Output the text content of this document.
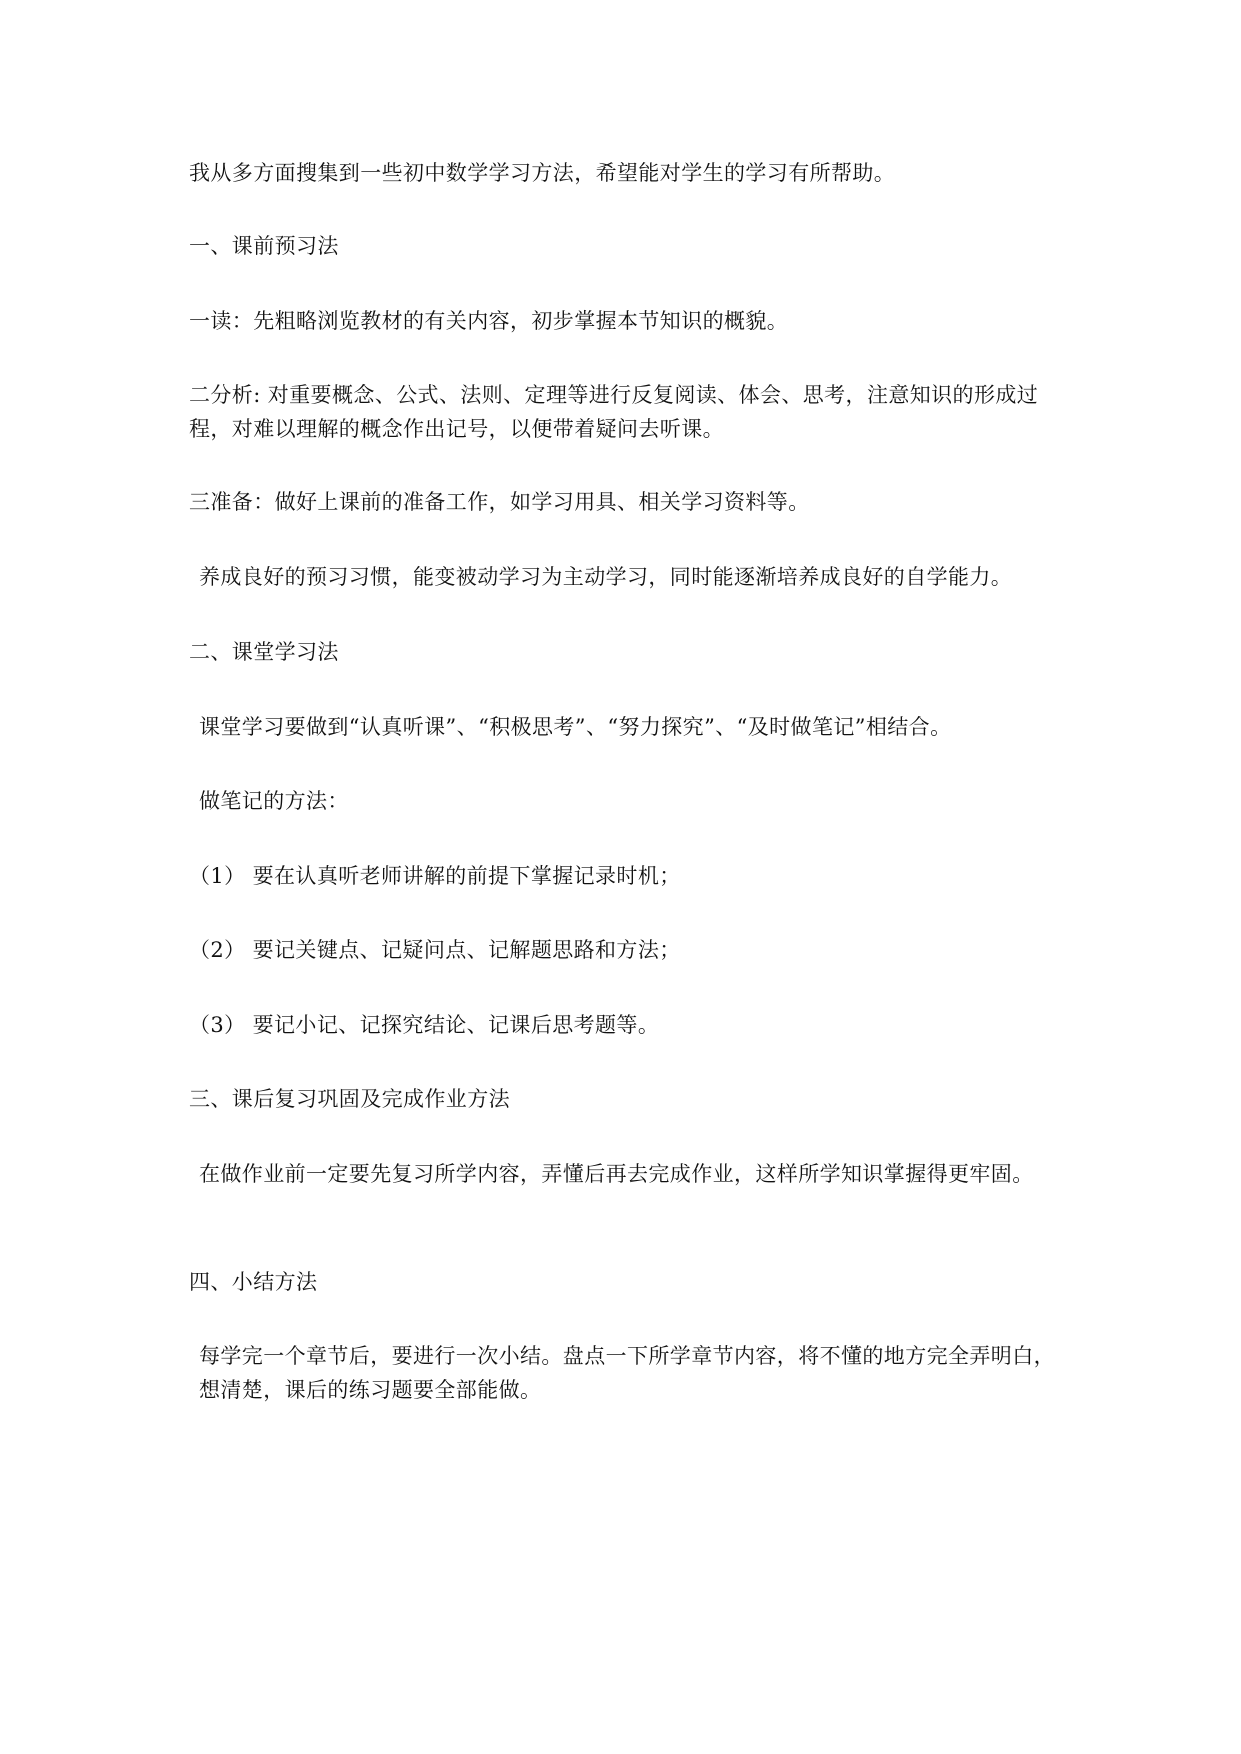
我从多方面搜集到一些初中数学学习方法，希望能对学生的学习有所帮助。

一、课前预习法

一读：先粗略浏览教材的有关内容，初步掌握本节知识的概貌。

二分析: 对重要概念、公式、法则、定理等进行反复阅读、体会、思考，注意知识的形成过程，对难以理解的概念作出记号，以便带着疑问去听课。

三准备：做好上课前的准备工作，如学习用具、相关学习资料等。

养成良好的预习习惯，能变被动学习为主动学习，同时能逐渐培养成良好的自学能力。

二、课堂学习法

课堂学习要做到“认真听课”、“积极思考”、“努力探究”、“及时做笔记”相结合。

做笔记的方法：

（1） 要在认真听老师讲解的前提下掌握记录时机；

（2） 要记关键点、记疑问点、记解题思路和方法；

（3） 要记小记、记探究结论、记课后思考题等。

三、课后复习巩固及完成作业方法

在做作业前一定要先复习所学内容，弄懂后再去完成作业，这样所学知识掌握得更牢固。

四、小结方法

每学完一个章节后，要进行一次小结。盘点一下所学章节内容，将不懂的地方完全弄明白，想清楚，课后的练习题要全部能做。
